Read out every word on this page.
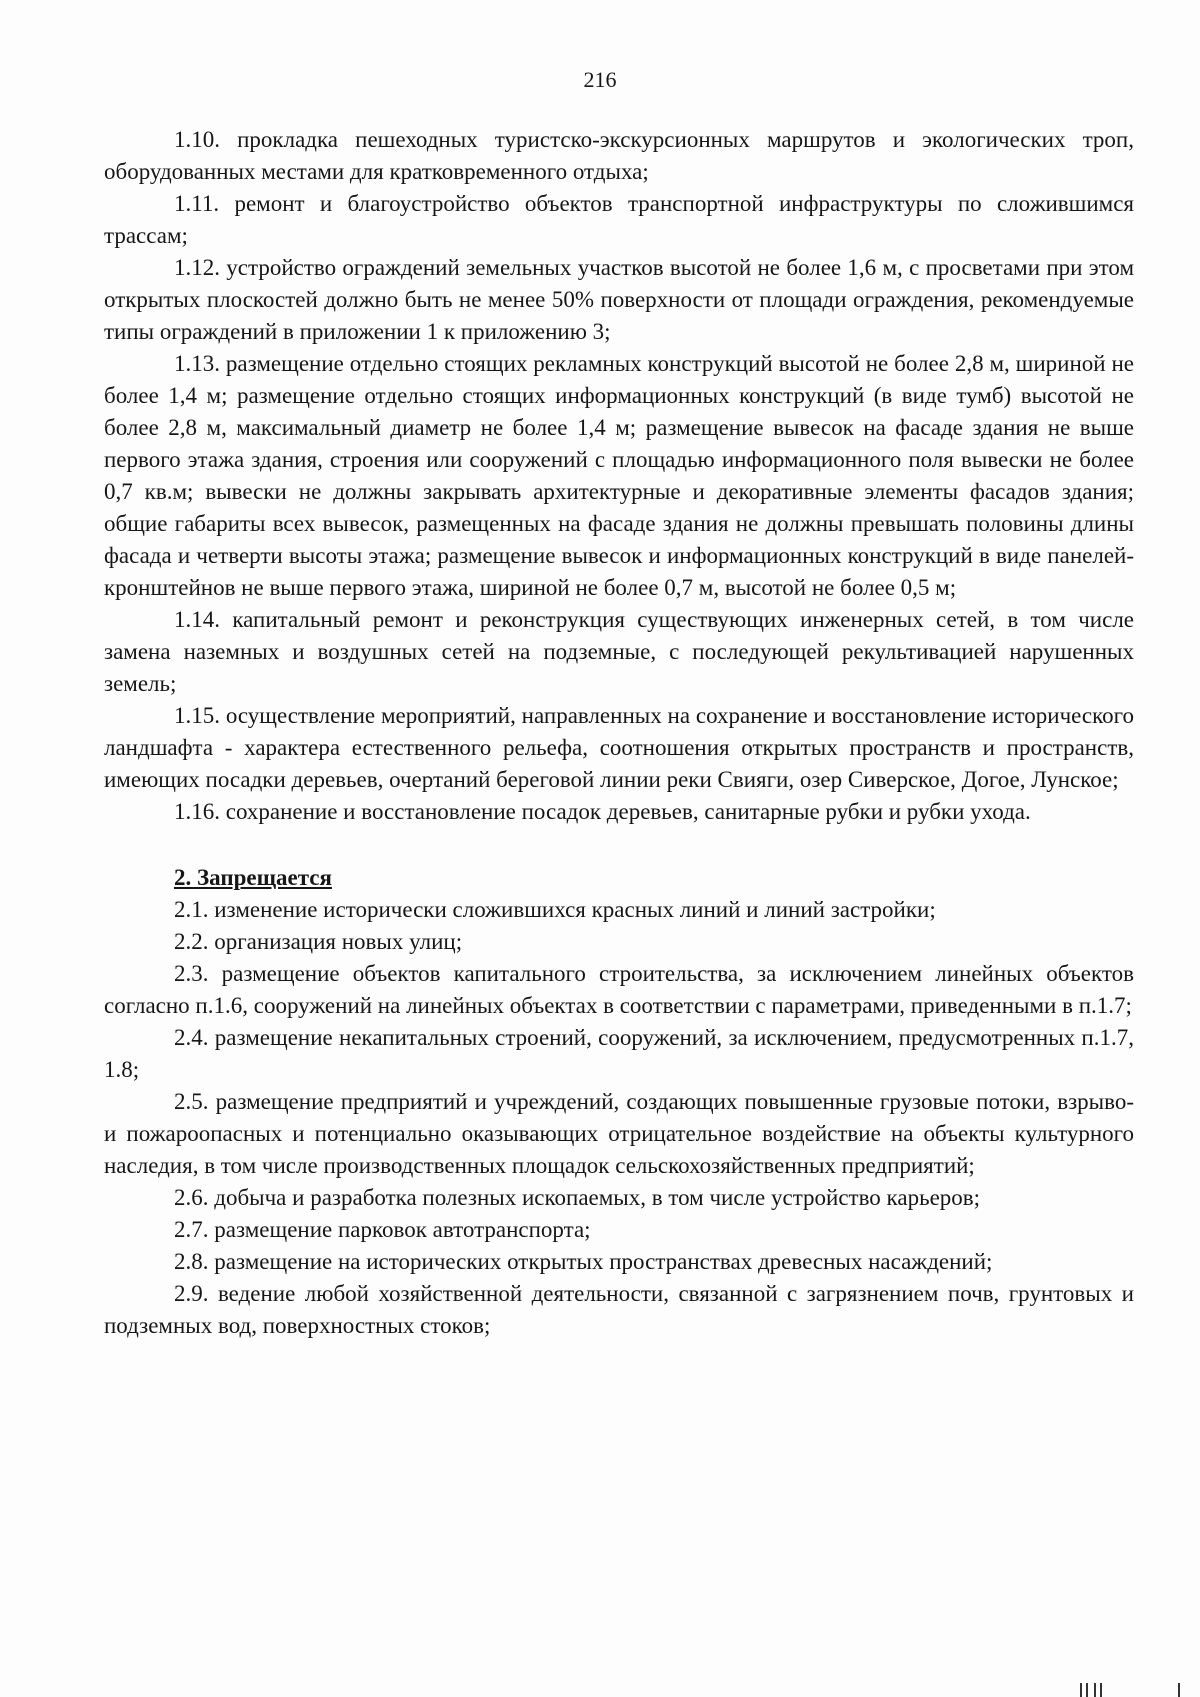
216

1.10. прокладка пешеходных туристско-экскурсионных маршрутов и экологических троп, оборудованных местами для кратковременного отдыха;

1.11. ремонт и благоустройство объектов транспортной инфраструктуры по сложившимся трассам;

1.12. устройство ограждений земельных участков высотой не более 1,6 м, с просветами при этом открытых плоскостей должно быть не менее 50% поверхности от площади ограждения, рекомендуемые типы ограждений в приложении 1 к приложению 3;

1.13. размещение отдельно стоящих рекламных конструкций высотой не более 2,8 м, шириной не более 1,4 м; размещение отдельно стоящих информационных конструкций (в виде тумб) высотой не более 2,8 м, максимальный диаметр не более 1,4 м; размещение вывесок на фасаде здания не выше первого этажа здания, строения или сооружений с площадью информационного поля вывески не более 0,7 кв.м; вывески не должны закрывать архитектурные и декоративные элементы фасадов здания; общие габариты всех вывесок, размещенных на фасаде здания не должны превышать половины длины фасада и четверти высоты этажа; размещение вывесок и информационных конструкций в виде панелей-кронштейнов не выше первого этажа, шириной не более 0,7 м, высотой не более 0,5 м;

1.14. капитальный ремонт и реконструкция существующих инженерных сетей, в том числе замена наземных и воздушных сетей на подземные, с последующей рекультивацией нарушенных земель;

1.15. осуществление мероприятий, направленных на сохранение и восстановление исторического ландшафта - характера естественного рельефа, соотношения открытых пространств и пространств, имеющих посадки деревьев, очертаний береговой линии реки Свияги, озер Сиверское, Догое, Лунское;

1.16. сохранение и восстановление посадок деревьев, санитарные рубки и рубки ухода.

2. Запрещается

2.1. изменение исторически сложившихся красных линий и линий застройки;

2.2. организация новых улиц;

2.3. размещение объектов капитального строительства, за исключением линейных объектов согласно п.1.6, сооружений на линейных объектах в соответствии с параметрами, приведенными в п.1.7;

2.4. размещение некапитальных строений, сооружений, за исключением, предусмотренных п.1.7, 1.8;

2.5. размещение предприятий и учреждений, создающих повышенные грузовые потоки, взрыво- и пожароопасных и потенциально оказывающих отрицательное воздействие на объекты культурного наследия, в том числе производственных площадок сельскохозяйственных предприятий;

2.6. добыча и разработка полезных ископаемых, в том числе устройство карьеров;

2.7. размещение парковок автотранспорта;

2.8. размещение на исторических открытых пространствах древесных насаждений;

2.9. ведение любой хозяйственной деятельности, связанной с загрязнением почв, грунтовых и подземных вод, поверхностных стоков;
